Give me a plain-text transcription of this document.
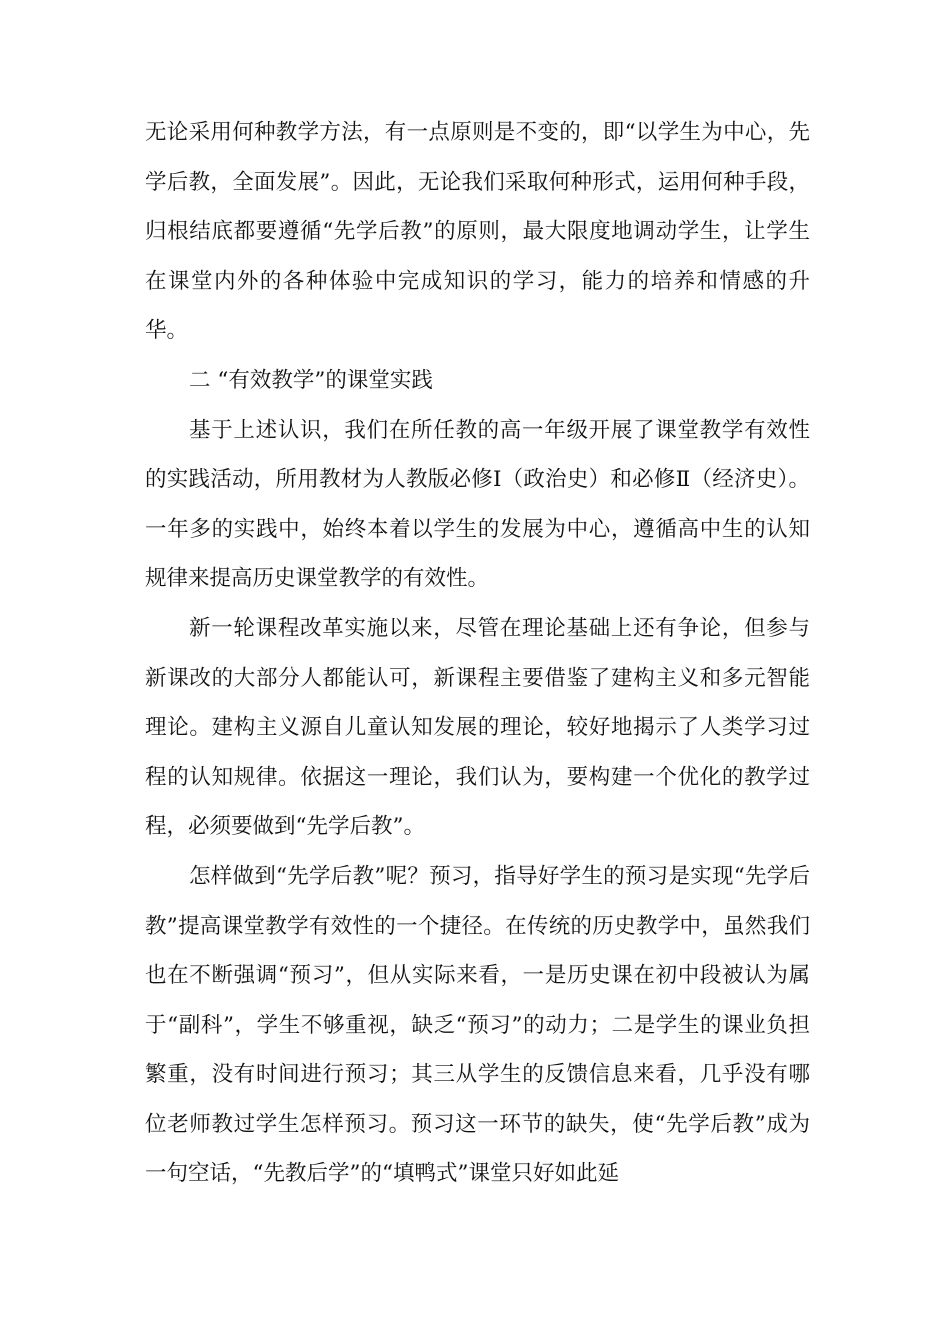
无论采用何种教学方法，有一点原则是不变的，即“以学生为中心，先学后教，全面发展”。因此，无论我们采取何种形式，运用何种手段，归根结底都要遵循“先学后教”的原则，最大限度地调动学生，让学生在课堂内外的各种体验中完成知识的学习，能力的培养和情感的升华。

二 “有效教学”的课堂实践

基于上述认识，我们在所任教的高一年级开展了课堂教学有效性的实践活动，所用教材为人教版必修Ⅰ（政治史）和必修Ⅱ（经济史）。一年多的实践中，始终本着以学生的发展为中心，遵循高中生的认知规律来提高历史课堂教学的有效性。

新一轮课程改革实施以来，尽管在理论基础上还有争论，但参与新课改的大部分人都能认可，新课程主要借鉴了建构主义和多元智能理论。建构主义源自儿童认知发展的理论，较好地揭示了人类学习过程的认知规律。依据这一理论，我们认为，要构建一个优化的教学过程，必须要做到“先学后教”。

怎样做到“先学后教”呢？预习，指导好学生的预习是实现“先学后教”提高课堂教学有效性的一个捷径。在传统的历史教学中，虽然我们也在不断强调“预习”，但从实际来看，一是历史课在初中段被认为属于“副科”，学生不够重视，缺乏“预习”的动力；二是学生的课业负担繁重，没有时间进行预习；其三从学生的反馈信息来看，几乎没有哪位老师教过学生怎样预习。预习这一环节的缺失，使“先学后教”成为一句空话，“先教后学”的“填鸭式”课堂只好如此延
